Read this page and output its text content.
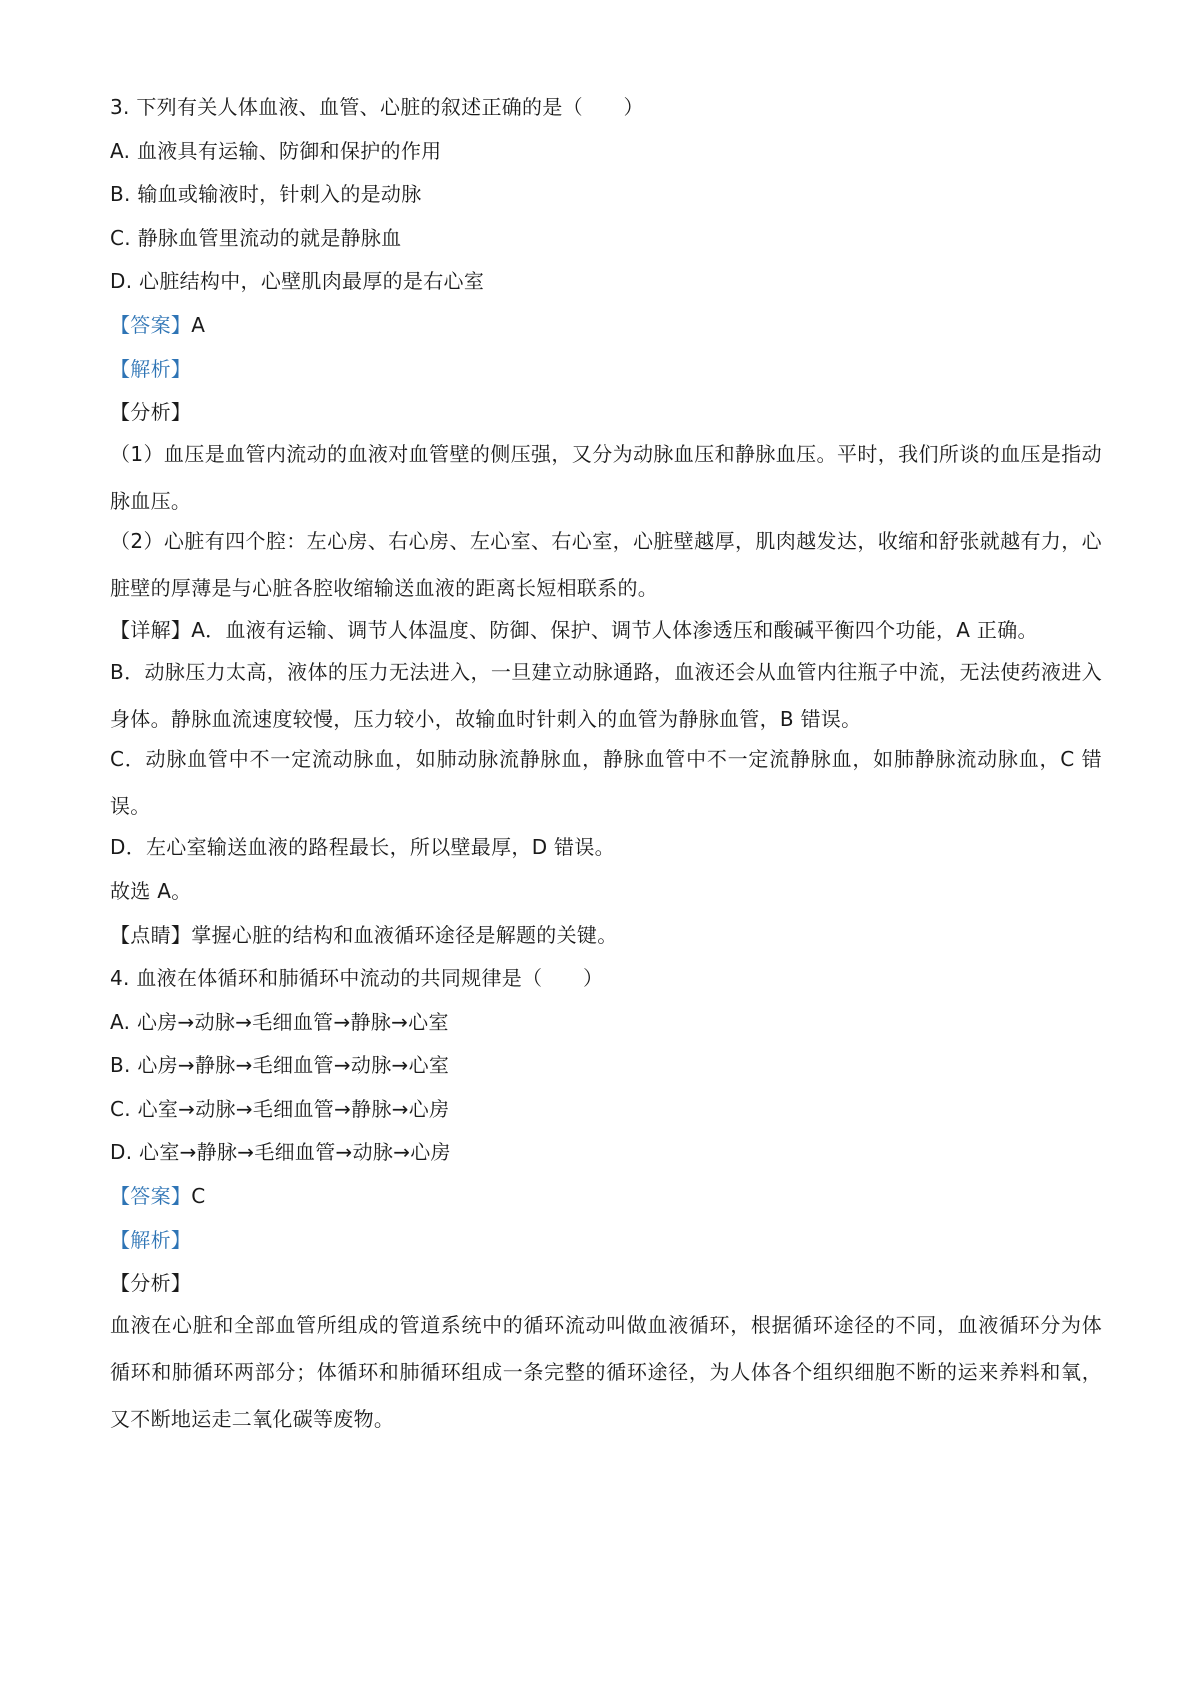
3. 下列有关人体血液、血管、心脏的叙述正确的是（　　）
A. 血液具有运输、防御和保护的作用
B. 输血或输液时，针刺入的是动脉
C. 静脉血管里流动的就是静脉血
D. 心脏结构中，心壁肌肉最厚的是右心室
【答案】A
【解析】
【分析】
（1）血压是血管内流动的血液对血管壁的侧压强，又分为动脉血压和静脉血压。平时，我们所谈的血压是指动脉血压。
（2）心脏有四个腔：左心房、右心房、左心室、右心室，心脏壁越厚，肌肉越发达，收缩和舒张就越有力，心脏壁的厚薄是与心脏各腔收缩输送血液的距离长短相联系的。
【详解】A．血液有运输、调节人体温度、防御、保护、调节人体渗透压和酸碱平衡四个功能，A 正确。
B．动脉压力太高，液体的压力无法进入，一旦建立动脉通路，血液还会从血管内往瓶子中流，无法使药液进入身体。静脉血流速度较慢，压力较小，故输血时针刺入的血管为静脉血管，B 错误。
C．动脉血管中不一定流动脉血，如肺动脉流静脉血，静脉血管中不一定流静脉血，如肺静脉流动脉血，C 错误。
D．左心室输送血液的路程最长，所以壁最厚，D 错误。
故选 A。
【点睛】掌握心脏的结构和血液循环途径是解题的关键。
4. 血液在体循环和肺循环中流动的共同规律是（　　）
A. 心房→动脉→毛细血管→静脉→心室
B. 心房→静脉→毛细血管→动脉→心室
C. 心室→动脉→毛细血管→静脉→心房
D. 心室→静脉→毛细血管→动脉→心房
【答案】C
【解析】
【分析】
血液在心脏和全部血管所组成的管道系统中的循环流动叫做血液循环，根据循环途径的不同，血液循环分为体循环和肺循环两部分；体循环和肺循环组成一条完整的循环途径，为人体各个组织细胞不断的运来养料和氧，又不断地运走二氧化碳等废物。
